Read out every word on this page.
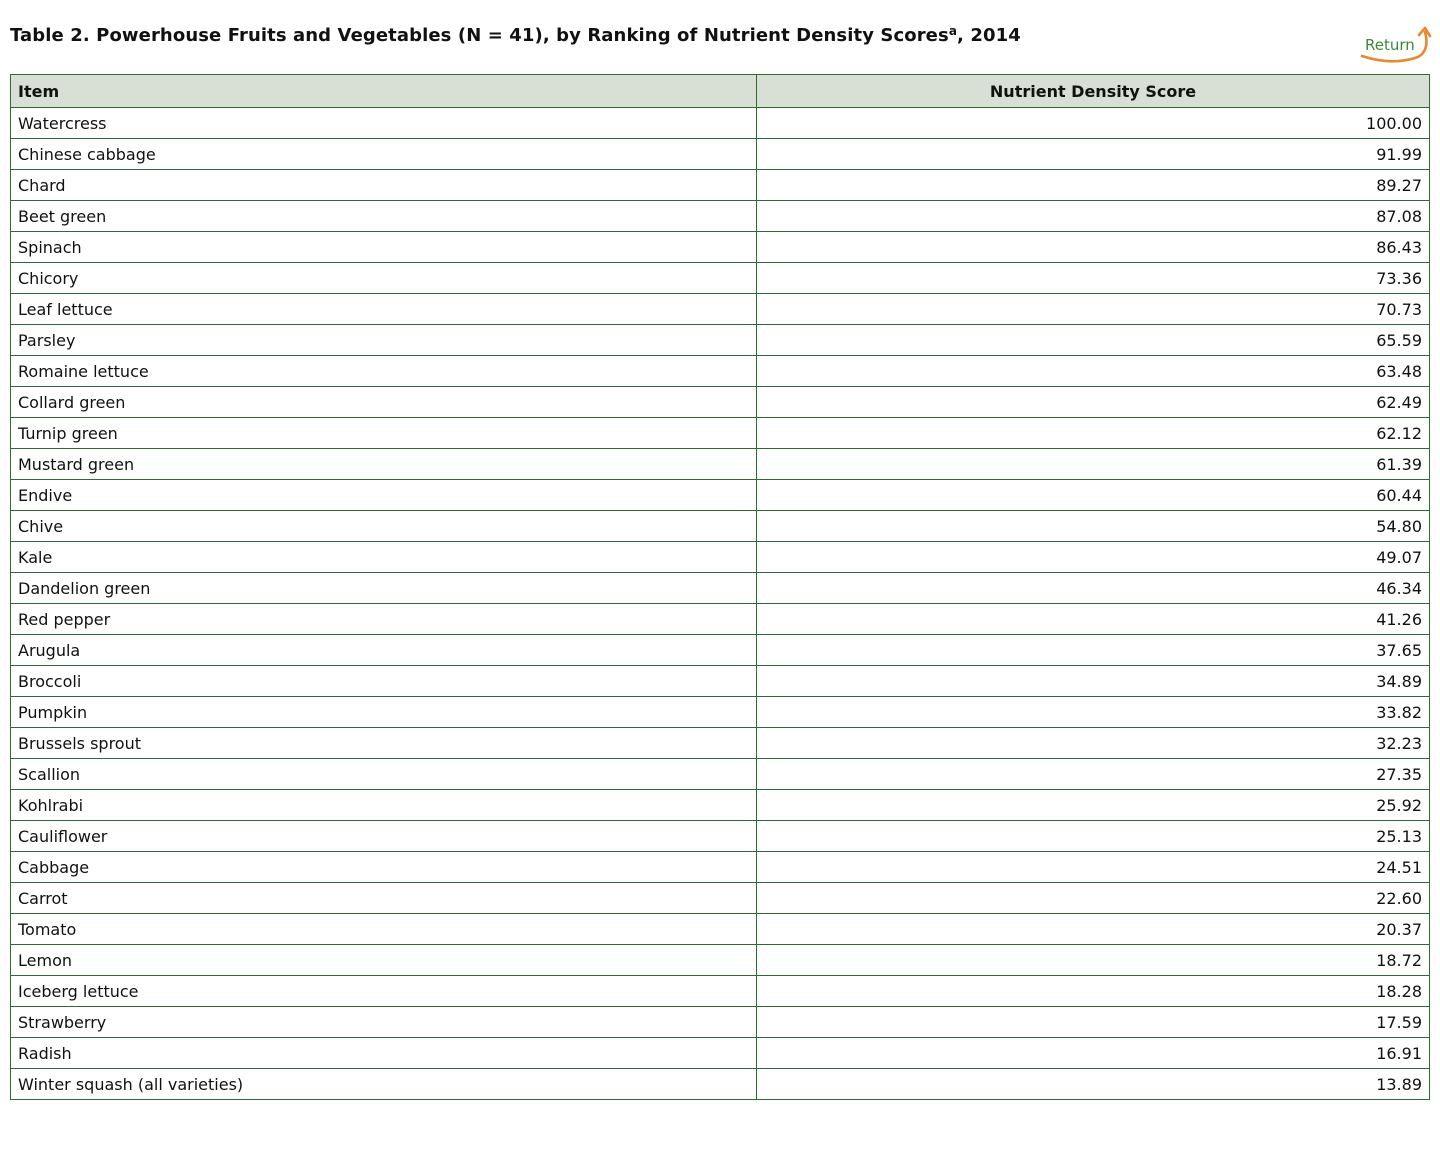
Table 2. Powerhouse Fruits and Vegetables (N = 41), by Ranking of Nutrient Density Scores$^a$, 2014	Return
Item	Nutrient Density Score
Watercress	100.00
Chinese cabbage	91.99
Chard	89.27
Beet green	87.08
Spinach	86.43
Chicory	73.36
Leaf lettuce	70.73
Parsley	65.59
Romaine lettuce	63.48
Collard green	62.49
Turnip green	62.12
Mustard green	61.39
Endive	60.44
Chive	54.80
Kale	49.07
Dandelion green	46.34
Red pepper	41.26
Arugula	37.65
Broccoli	34.89
Pumpkin	33.82
Brussels sprout	32.23
Scallion	27.35
Kohlrabi	25.92
Cauliflower	25.13
Cabbage	24.51
Carrot	22.60
Tomato	20.37
Lemon	18.72
Iceberg lettuce	18.28
Strawberry	17.59
Radish	16.91
Winter squash (all varieties)	13.89
